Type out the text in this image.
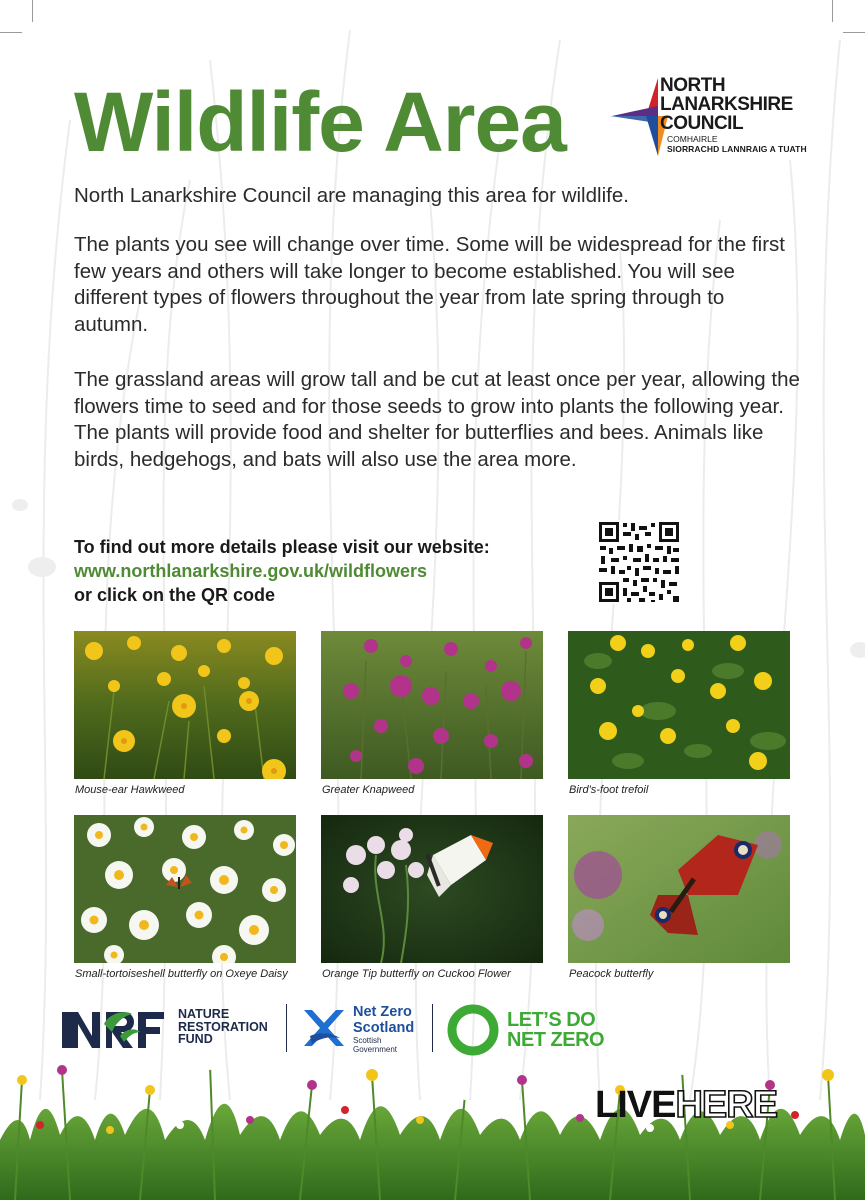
Wildlife Area	NORTH
LANARKSHIRE
COUNCIL
COMHAIRLE
SIORRACHD LANNRAIG A TUATH

North Lanarkshire Council are managing this area for wildlife.

The plants you see will change over time. Some will be widespread for the first few years and others will take longer to become established. You will see different types of flowers throughout the year from late spring through to autumn.

The grassland areas will grow tall and be cut at least once per year, allowing the flowers time to seed and for those seeds to grow into plants the following year. The plants will provide food and shelter for butterflies and bees. Animals like birds, hedgehogs, and bats will also use the area more.

To find out more details please visit our website:
www.northlanarkshire.gov.uk/wildflowers
or click on the QR code
Mouse-ear Hawkweed	Greater Knapweed	Bird’s-foot trefoil
Small-tortoiseshell butterfly on Oxeye Daisy	Orange Tip butterfly on Cuckoo Flower	Peacock butterfly
NATURE
RESTORATION
FUND
Net Zero
Scotland
Scottish
Government
LET’S DO
NET ZERO
LIVEHERE
